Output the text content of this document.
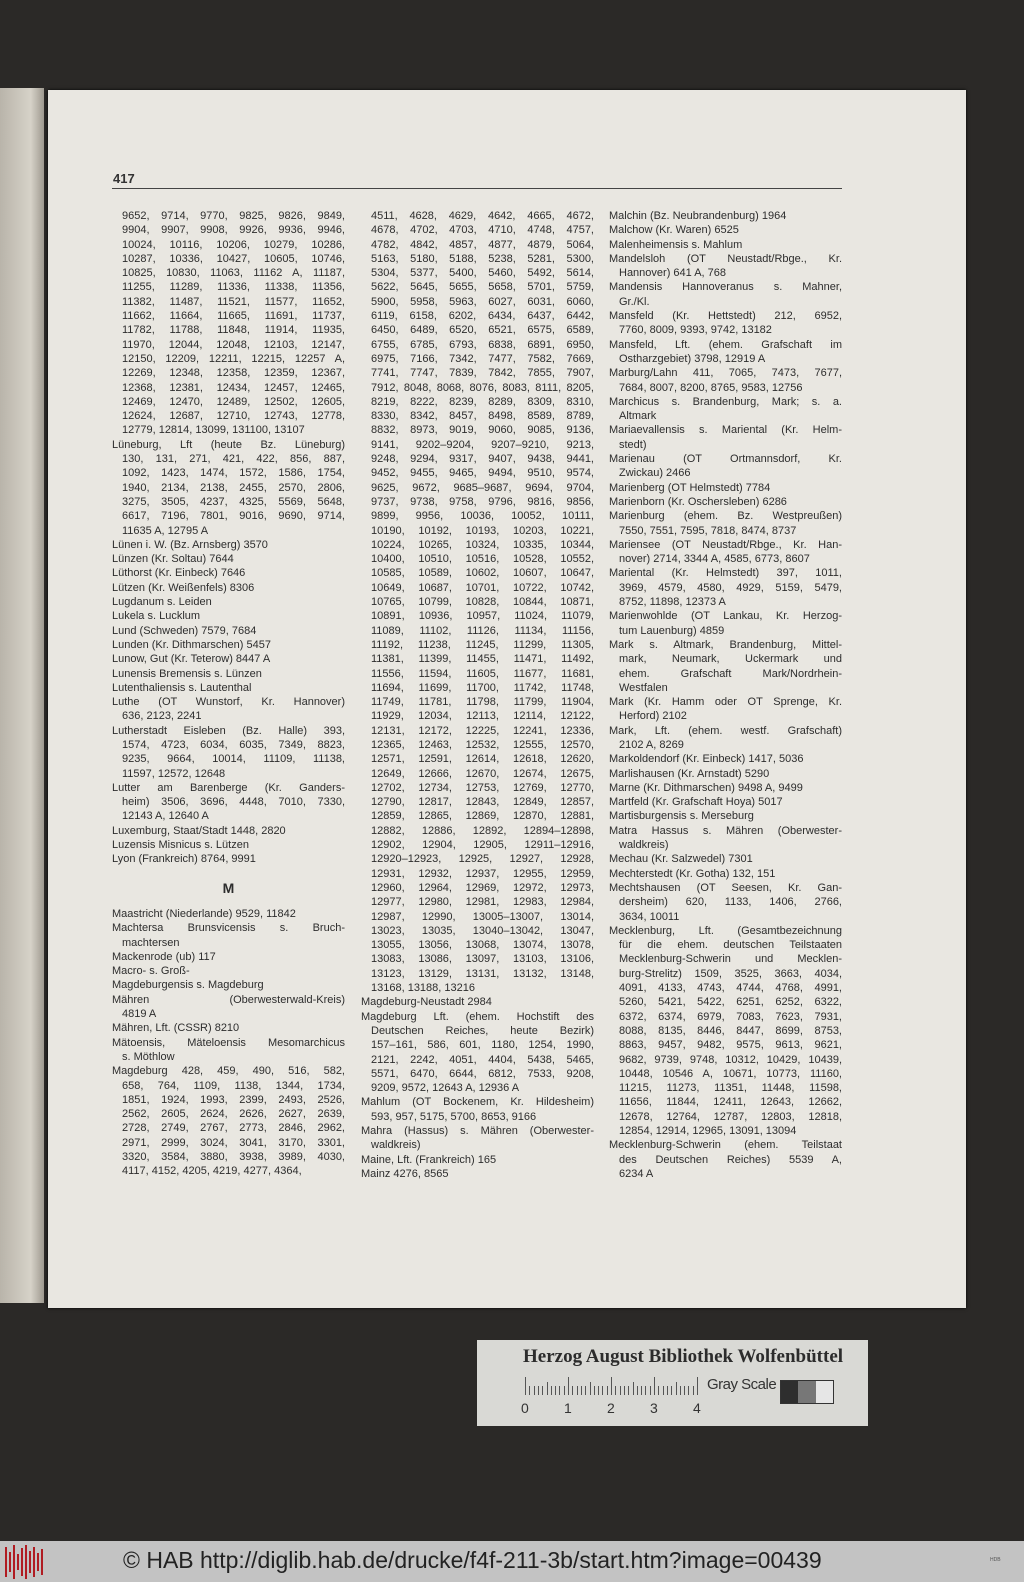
417
9652, 9714, 9770, 9825, 9826, 9849,
9904, 9907, 9908, 9926, 9936, 9946,
10024, 10116, 10206, 10279, 10286,
10287, 10336, 10427, 10605, 10746,
10825, 10830, 11063, 11162 A, 11187,
11255, 11289, 11336, 11338, 11356,
11382, 11487, 11521, 11577, 11652,
11662, 11664, 11665, 11691, 11737,
11782, 11788, 11848, 11914, 11935,
11970, 12044, 12048, 12103, 12147,
12150, 12209, 12211, 12215, 12257 A,
12269, 12348, 12358, 12359, 12367,
12368, 12381, 12434, 12457, 12465,
12469, 12470, 12489, 12502, 12605,
12624, 12687, 12710, 12743, 12778,
12779, 12814, 13099, 131100, 13107
Lüneburg, Lft (heute Bz. Lüneburg)
130, 131, 271, 421, 422, 856, 887,
1092, 1423, 1474, 1572, 1586, 1754,
1940, 2134, 2138, 2455, 2570, 2806,
3275, 3505, 4237, 4325, 5569, 5648,
6617, 7196, 7801, 9016, 9690, 9714,
11635 A, 12795 A
Lünen i. W. (Bz. Arnsberg) 3570
Lünzen (Kr. Soltau) 7644
Lüthorst (Kr. Einbeck) 7646
Lützen (Kr. Weißenfels) 8306
Lugdanum s. Leiden
Lukela s. Lucklum
Lund (Schweden) 7579, 7684
Lunden (Kr. Dithmarschen) 5457
Lunow, Gut (Kr. Teterow) 8447 A
Lunensis Bremensis s. Lünzen
Lutenthaliensis s. Lautenthal
Luthe (OT Wunstorf, Kr. Hannover)
636, 2123, 2241
Lutherstadt Eisleben (Bz. Halle) 393,
1574, 4723, 6034, 6035, 7349, 8823,
9235, 9664, 10014, 11109, 11138,
11597, 12572, 12648
Lutter am Barenberge (Kr. Ganders-
heim) 3506, 3696, 4448, 7010, 7330,
12143 A, 12640 A
Luxemburg, Staat/Stadt 1448, 2820
Luzensis Misnicus s. Lützen
Lyon (Frankreich) 8764, 9991
M
Maastricht (Niederlande) 9529, 11842
Machtersa Brunsvicensis s. Bruch-
machtersen
Mackenrode (ub) 117
Macro- s. Groß-
Magdeburgensis s. Magdeburg
Mähren (Oberwesterwald-Kreis)
4819 A
Mähren, Lft. (CSSR) 8210
Mätoensis, Mäteloensis Mesomarchicus
s. Möthlow
Magdeburg 428, 459, 490, 516, 582,
658, 764, 1109, 1138, 1344, 1734,
1851, 1924, 1993, 2399, 2493, 2526,
2562, 2605, 2624, 2626, 2627, 2639,
2728, 2749, 2767, 2773, 2846, 2962,
2971, 2999, 3024, 3041, 3170, 3301,
3320, 3584, 3880, 3938, 3989, 4030,
4117, 4152, 4205, 4219, 4277, 4364,
4511, 4628, 4629, 4642, 4665, 4672,
4678, 4702, 4703, 4710, 4748, 4757,
4782, 4842, 4857, 4877, 4879, 5064,
5163, 5180, 5188, 5238, 5281, 5300,
5304, 5377, 5400, 5460, 5492, 5614,
5622, 5645, 5655, 5658, 5701, 5759,
5900, 5958, 5963, 6027, 6031, 6060,
6119, 6158, 6202, 6434, 6437, 6442,
6450, 6489, 6520, 6521, 6575, 6589,
6755, 6785, 6793, 6838, 6891, 6950,
6975, 7166, 7342, 7477, 7582, 7669,
7741, 7747, 7839, 7842, 7855, 7907,
7912, 8048, 8068, 8076, 8083, 8111, 8205,
8219, 8222, 8239, 8289, 8309, 8310,
8330, 8342, 8457, 8498, 8589, 8789,
8832, 8973, 9019, 9060, 9085, 9136,
9141, 9202–9204, 9207–9210, 9213,
9248, 9294, 9317, 9407, 9438, 9441,
9452, 9455, 9465, 9494, 9510, 9574,
9625, 9672, 9685–9687, 9694, 9704,
9737, 9738, 9758, 9796, 9816, 9856,
9899, 9956, 10036, 10052, 10111,
10190, 10192, 10193, 10203, 10221,
10224, 10265, 10324, 10335, 10344,
10400, 10510, 10516, 10528, 10552,
10585, 10589, 10602, 10607, 10647,
10649, 10687, 10701, 10722, 10742,
10765, 10799, 10828, 10844, 10871,
10891, 10936, 10957, 11024, 11079,
11089, 11102, 11126, 11134, 11156,
11192, 11238, 11245, 11299, 11305,
11381, 11399, 11455, 11471, 11492,
11556, 11594, 11605, 11677, 11681,
11694, 11699, 11700, 11742, 11748,
11749, 11781, 11798, 11799, 11904,
11929, 12034, 12113, 12114, 12122,
12131, 12172, 12225, 12241, 12336,
12365, 12463, 12532, 12555, 12570,
12571, 12591, 12614, 12618, 12620,
12649, 12666, 12670, 12674, 12675,
12702, 12734, 12753, 12769, 12770,
12790, 12817, 12843, 12849, 12857,
12859, 12865, 12869, 12870, 12881,
12882, 12886, 12892, 12894–12898,
12902, 12904, 12905, 12911–12916,
12920–12923, 12925, 12927, 12928,
12931, 12932, 12937, 12955, 12959,
12960, 12964, 12969, 12972, 12973,
12977, 12980, 12981, 12983, 12984,
12987, 12990, 13005–13007, 13014,
13023, 13035, 13040–13042, 13047,
13055, 13056, 13068, 13074, 13078,
13083, 13086, 13097, 13103, 13106,
13123, 13129, 13131, 13132, 13148,
13168, 13188, 13216
Magdeburg-Neustadt 2984
Magdeburg Lft. (ehem. Hochstift des
Deutschen Reiches, heute Bezirk)
157–161, 586, 601, 1180, 1254, 1990,
2121, 2242, 4051, 4404, 5438, 5465,
5571, 6470, 6644, 6812, 7533, 9208,
9209, 9572, 12643 A, 12936 A
Mahlum (OT Bockenem, Kr. Hildesheim)
593, 957, 5175, 5700, 8653, 9166
Mahra (Hassus) s. Mähren (Oberwester-
waldkreis)
Maine, Lft. (Frankreich) 165
Mainz 4276, 8565
Malchin (Bz. Neubrandenburg) 1964
Malchow (Kr. Waren) 6525
Malenheimensis s. Mahlum
Mandelsloh (OT Neustadt/Rbge., Kr.
Hannover) 641 A, 768
Mandensis Hannoveranus s. Mahner,
Gr./Kl.
Mansfeld (Kr. Hettstedt) 212, 6952,
7760, 8009, 9393, 9742, 13182
Mansfeld, Lft. (ehem. Grafschaft im
Ostharzgebiet) 3798, 12919 A
Marburg/Lahn 411, 7065, 7473, 7677,
7684, 8007, 8200, 8765, 9583, 12756
Marchicus s. Brandenburg, Mark; s. a.
Altmark
Mariaevallensis s. Mariental (Kr. Helm-
stedt)
Marienau (OT Ortmannsdorf, Kr.
Zwickau) 2466
Marienberg (OT Helmstedt) 7784
Marienborn (Kr. Oschersleben) 6286
Marienburg (ehem. Bz. Westpreußen)
7550, 7551, 7595, 7818, 8474, 8737
Mariensee (OT Neustadt/Rbge., Kr. Han-
nover) 2714, 3344 A, 4585, 6773, 8607
Mariental (Kr. Helmstedt) 397, 1011,
3969, 4579, 4580, 4929, 5159, 5479,
8752, 11898, 12373 A
Marienwohlde (OT Lankau, Kr. Herzog-
tum Lauenburg) 4859
Mark s. Altmark, Brandenburg, Mittel-
mark, Neumark, Uckermark und
ehem. Grafschaft Mark/Nordrhein-
Westfalen
Mark (Kr. Hamm oder OT Sprenge, Kr.
Herford) 2102
Mark, Lft. (ehem. westf. Grafschaft)
2102 A, 8269
Markoldendorf (Kr. Einbeck) 1417, 5036
Marlishausen (Kr. Arnstadt) 5290
Marne (Kr. Dithmarschen) 9498 A, 9499
Martfeld (Kr. Grafschaft Hoya) 5017
Martisburgensis s. Merseburg
Matra Hassus s. Mähren (Oberwester-
waldkreis)
Mechau (Kr. Salzwedel) 7301
Mechterstedt (Kr. Gotha) 132, 151
Mechtshausen (OT Seesen, Kr. Gan-
dersheim) 620, 1133, 1406, 2766,
3634, 10011
Mecklenburg, Lft. (Gesamtbezeichnung
für die ehem. deutschen Teilstaaten
Mecklenburg-Schwerin und Mecklen-
burg-Strelitz) 1509, 3525, 3663, 4034,
4091, 4133, 4743, 4744, 4768, 4991,
5260, 5421, 5422, 6251, 6252, 6322,
6372, 6374, 6979, 7083, 7623, 7931,
8088, 8135, 8446, 8447, 8699, 8753,
8863, 9457, 9482, 9575, 9613, 9621,
9682, 9739, 9748, 10312, 10429, 10439,
10448, 10546 A, 10671, 10773, 11160,
11215, 11273, 11351, 11448, 11598,
11656, 11844, 12411, 12643, 12662,
12678, 12764, 12787, 12803, 12818,
12854, 12914, 12965, 13091, 13094
Mecklenburg-Schwerin (ehem. Teilstaat
des Deutschen Reiches) 5539 A,
6234 A
Herzog August Bibliothek Wolfenbüttel
Gray Scale
0	1	2	3	4
© HAB http://diglib.hab.de/drucke/f4f-211-3b/start.htm?image=00439	HDB
